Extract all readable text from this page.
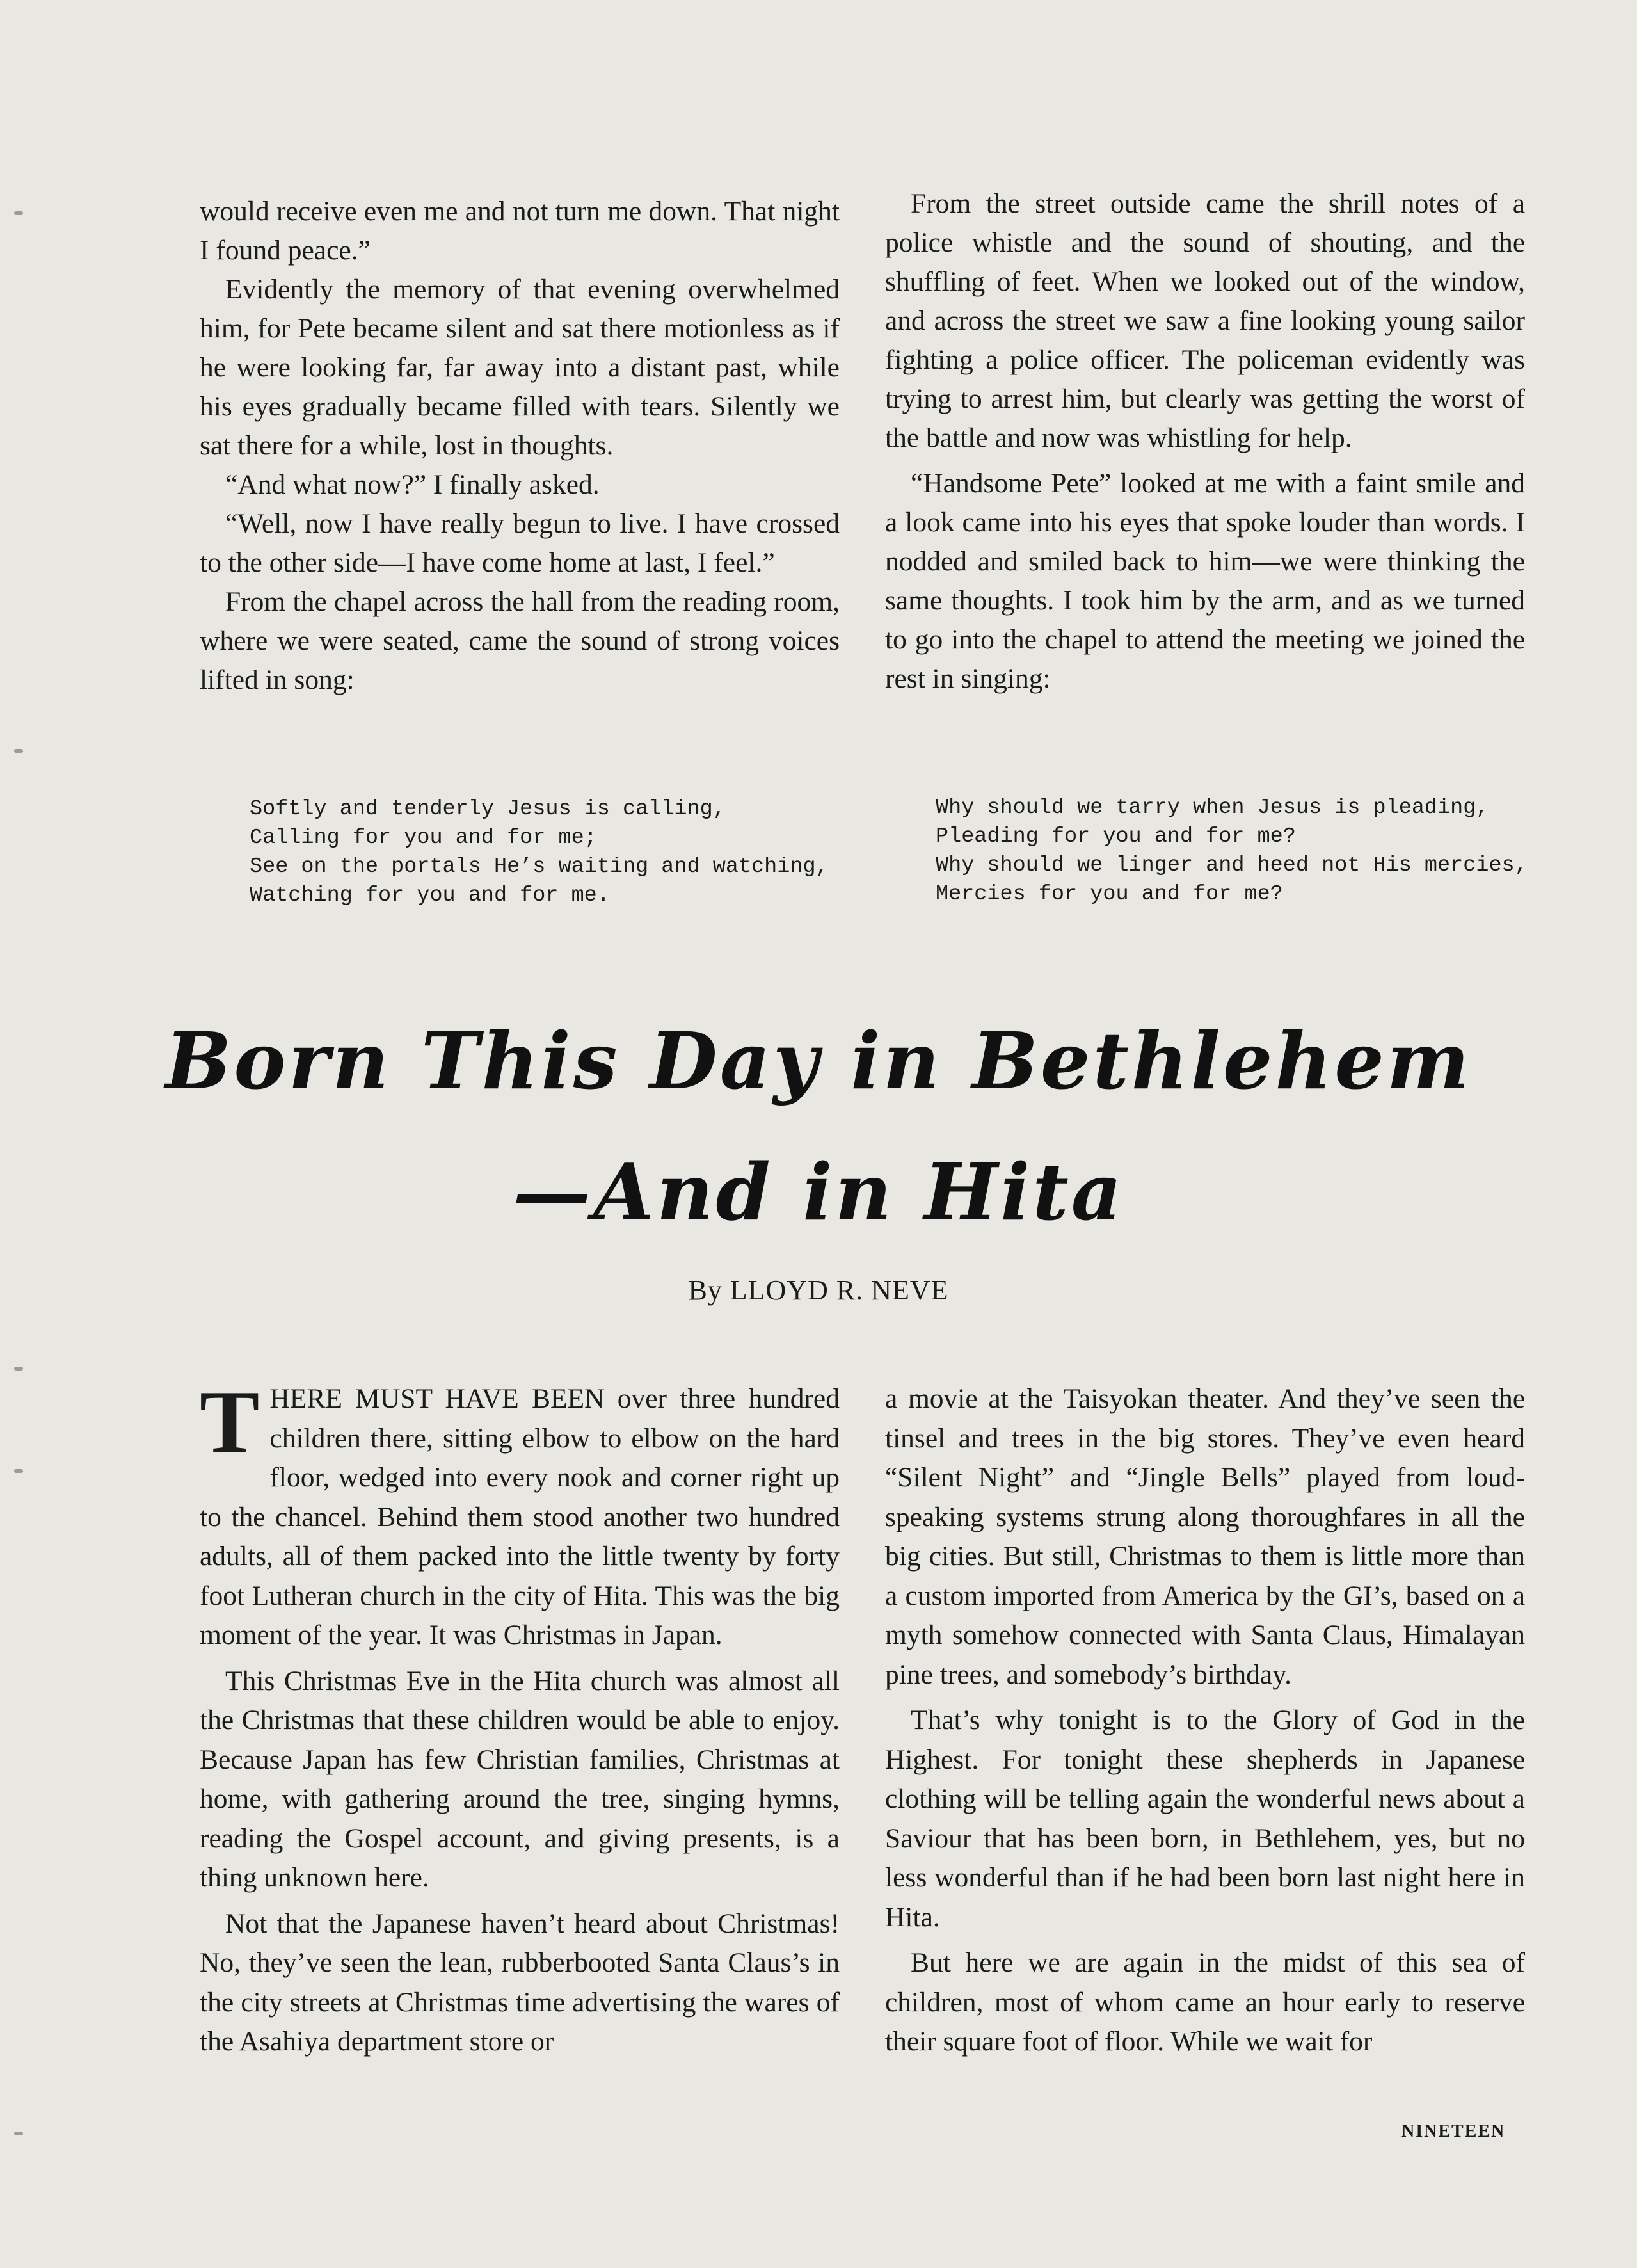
would receive even me and not turn me down. That night I found peace.”

Evidently the memory of that evening overwhelmed him, for Pete became silent and sat there motionless as if he were looking far, far away into a distant past, while his eyes gradually became filled with tears. Silently we sat there for a while, lost in thoughts.

“And what now?” I finally asked.

“Well, now I have really begun to live. I have crossed to the other side—I have come home at last, I feel.”

From the chapel across the hall from the reading room, where we were seated, came the sound of strong voices lifted in song:

Softly and tenderly Jesus is calling,
Calling for you and for me;
See on the portals He’s waiting and watching,
Watching for you and for me.

From the street outside came the shrill notes of a police whistle and the sound of shouting, and the shuffling of feet. When we looked out of the window, and across the street we saw a fine looking young sailor fighting a police officer. The policeman evidently was trying to arrest him, but clearly was getting the worst of the battle and now was whistling for help.

“Handsome Pete” looked at me with a faint smile and a look came into his eyes that spoke louder than words. I nodded and smiled back to him—we were thinking the same thoughts. I took him by the arm, and as we turned to go into the chapel to attend the meeting we joined the rest in singing:

Why should we tarry when Jesus is pleading,
Pleading for you and for me?
Why should we linger and heed not His mercies,
Mercies for you and for me?
Born This Day in Bethlehem
—And in Hita
By LLOYD R. NEVE

THERE MUST HAVE BEEN over three hundred children there, sitting elbow to elbow on the hard floor, wedged into every nook and corner right up to the chancel. Behind them stood another two hundred adults, all of them packed into the little twenty by forty foot Lutheran church in the city of Hita. This was the big moment of the year. It was Christmas in Japan.

This Christmas Eve in the Hita church was almost all the Christmas that these children would be able to enjoy. Because Japan has few Christian families, Christmas at home, with gathering around the tree, singing hymns, reading the Gospel account, and giving presents, is a thing unknown here.

Not that the Japanese haven’t heard about Christmas! No, they’ve seen the lean, rubberbooted Santa Claus’s in the city streets at Christmas time advertising the wares of the Asahiya department store or

a movie at the Taisyokan theater. And they’ve seen the tinsel and trees in the big stores. They’ve even heard “Silent Night” and “Jingle Bells” played from loud-speaking systems strung along thoroughfares in all the big cities. But still, Christmas to them is little more than a custom imported from America by the GI’s, based on a myth somehow connected with Santa Claus, Himalayan pine trees, and somebody’s birthday.

That’s why tonight is to the Glory of God in the Highest. For tonight these shepherds in Japanese clothing will be telling again the wonderful news about a Saviour that has been born, in Bethlehem, yes, but no less wonderful than if he had been born last night here in Hita.

But here we are again in the midst of this sea of children, most of whom came an hour early to reserve their square foot of floor. While we wait for

NINETEEN
